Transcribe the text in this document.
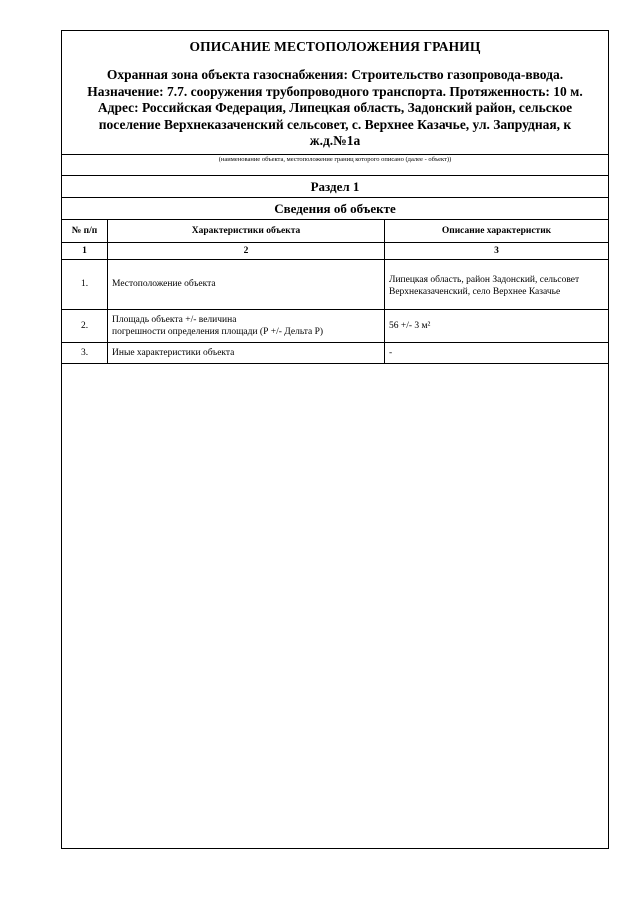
ОПИСАНИЕ МЕСТОПОЛОЖЕНИЯ ГРАНИЦ
Охранная зона объекта газоснабжения: Строительство газопровода-ввода.
Назначение: 7.7. сооружения трубопроводного транспорта. Протяженность: 10 м.
Адрес: Российская Федерация, Липецкая область, Задонский район, сельское
поселение Верхнеказаченский сельсовет, с. Верхнее Казачье, ул. Запрудная, к
ж.д.№1а
(наименование объекта, местоположение границ которого описано (далее - объект))
Раздел 1
Сведения об объекте
№ п/п	Характеристики объекта	Описание характеристик
1	2	3
1.	Местоположение объекта	Липецкая область, район Задонский, сельсовет Верхнеказаченский, село Верхнее Казачье
2.	Площадь объекта +/- величина
погрешности определения площади (Р +/- Дельта Р)	56 +/- 3 м²
3.	Иные характеристики объекта	-
